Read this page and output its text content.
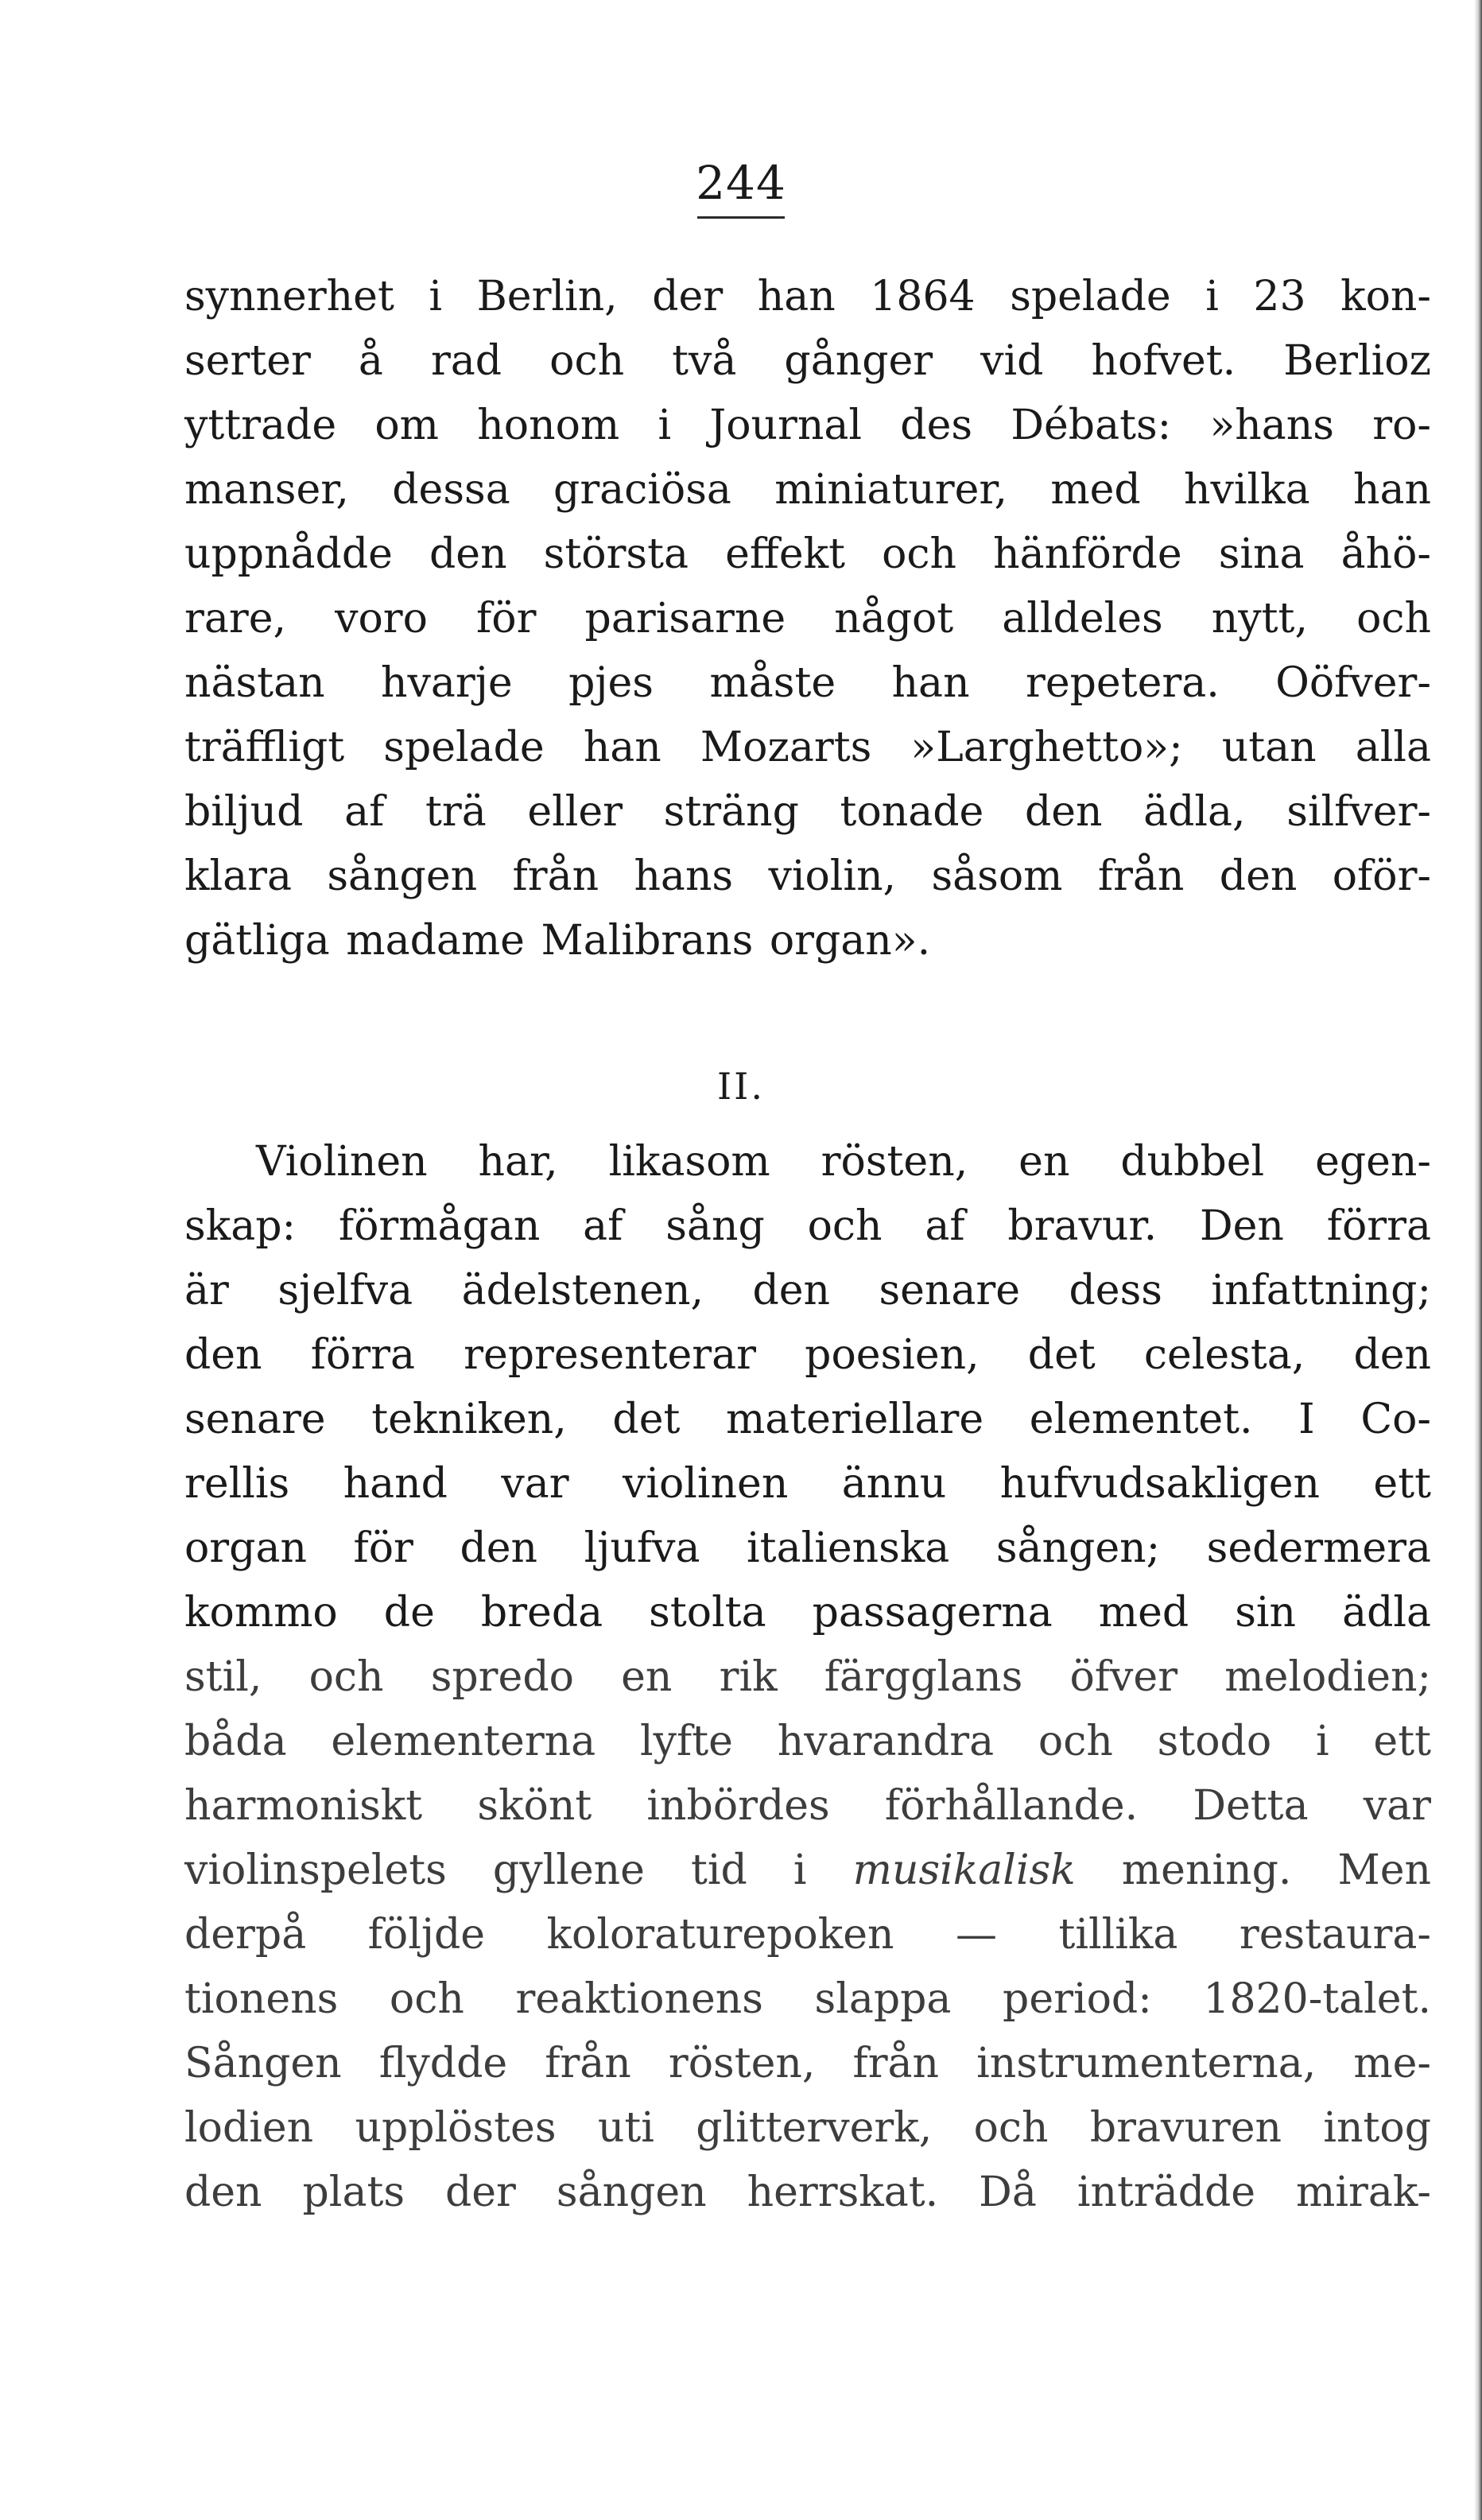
244
synnerhet i Berlin, der han 1864 spelade i 23 kon-
serter å rad och två gånger vid hofvet. Berlioz
yttrade om honom i Journal des Débats: »hans ro-
manser, dessa graciösa miniaturer, med hvilka han
uppnådde den största effekt och hänförde sina åhö-
rare, voro för parisarne något alldeles nytt, och
nästan hvarje pjes måste han repetera. Oöfver-
träffligt spelade han Mozarts »Larghetto»; utan alla
biljud af trä eller sträng tonade den ädla, silfver-
klara sången från hans violin, såsom från den oför-
gätliga madame Malibrans organ».
II.
Violinen har, likasom rösten, en dubbel egen-
skap: förmågan af sång och af bravur. Den förra
är sjelfva ädelstenen, den senare dess infattning;
den förra representerar poesien, det celesta, den
senare tekniken, det materiellare elementet. I Co-
rellis hand var violinen ännu hufvudsakligen ett
organ för den ljufva italienska sången; sedermera
kommo de breda stolta passagerna med sin ädla
stil, och spredo en rik färgglans öfver melodien;
båda elementerna lyfte hvarandra och stodo i ett
harmoniskt skönt inbördes förhållande. Detta var
violinspelets gyllene tid i musikalisk mening. Men
derpå följde koloraturepoken — tillika restaura-
tionens och reaktionens slappa period: 1820-talet.
Sången flydde från rösten, från instrumenterna, me-
lodien upplöstes uti glitterverk, och bravuren intog
den plats der sången herrskat. Då inträdde mirak-
